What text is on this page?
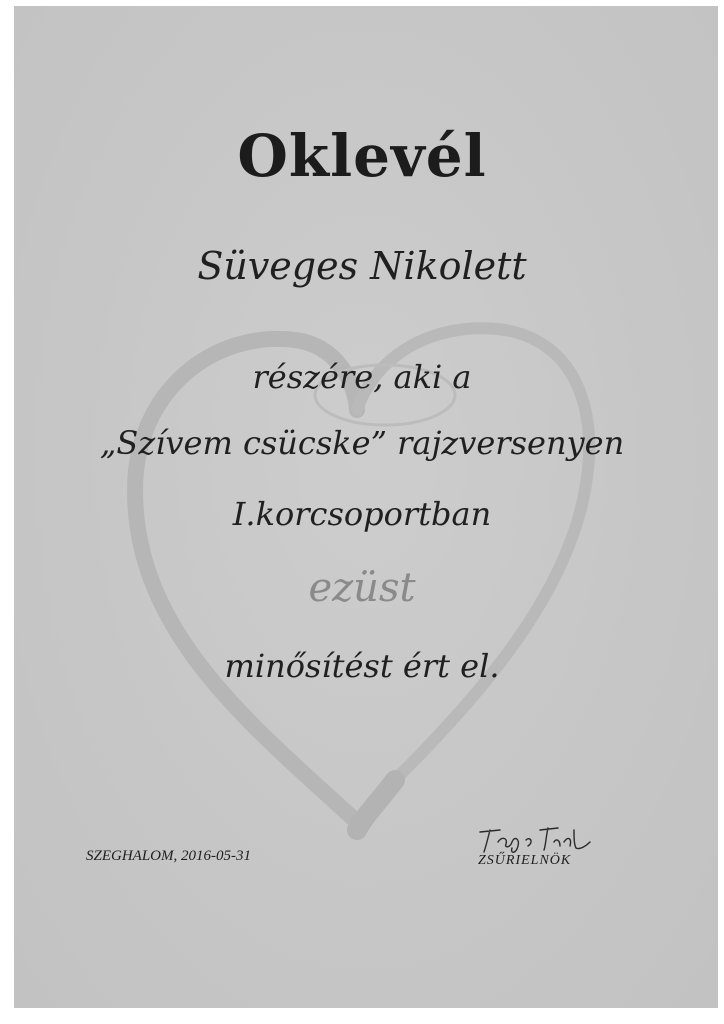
Oklevél
Süveges Nikolett
részére, aki a
„Szívem csücske” rajzversenyen
I.korcsoportban
ezüst
minősítést ért el.
SZEGHALOM, 2016-05-31	ZSŰRIELNÖK
